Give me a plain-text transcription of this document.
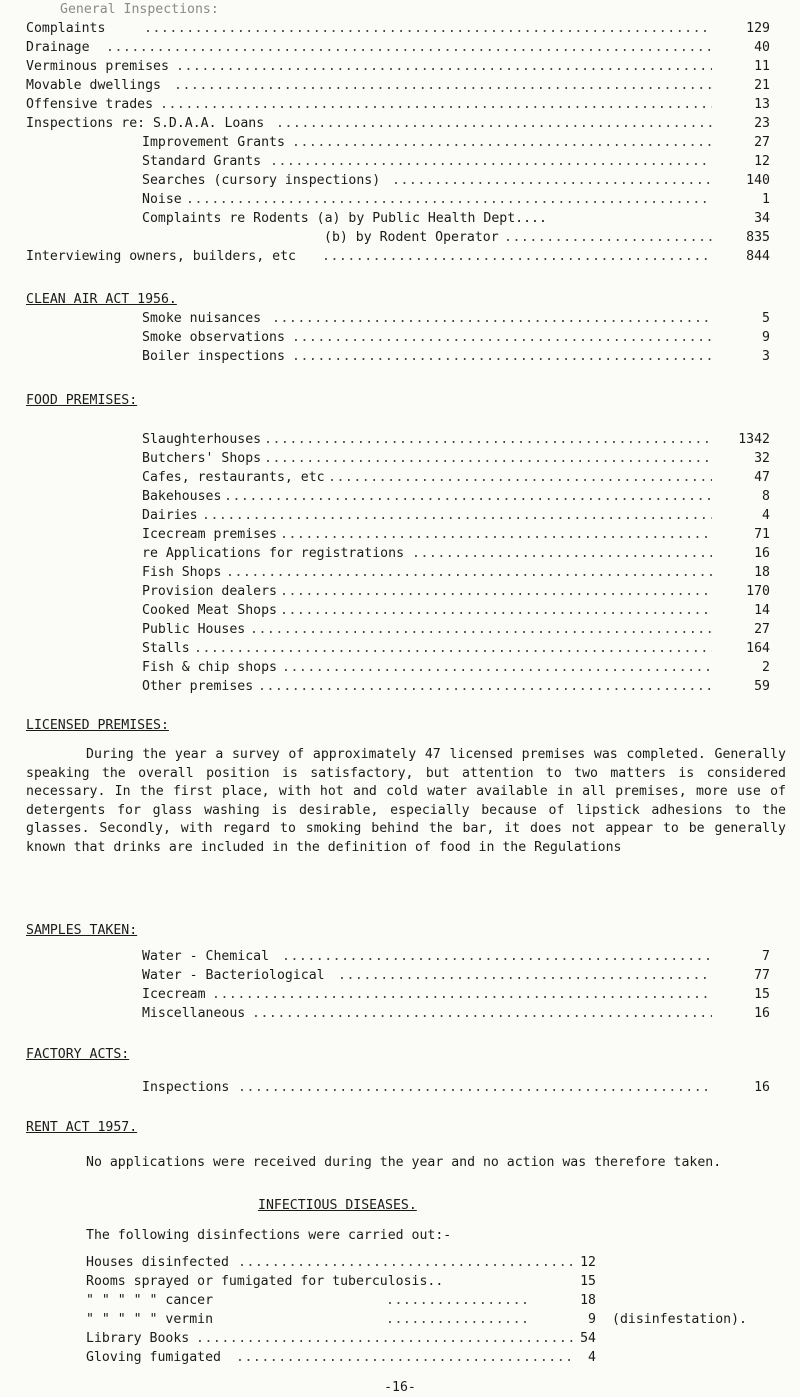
General Inspections:
Complaints .....	129
Drainage .....	40
Verminous premises .....	11
Movable dwellings .....	21
Offensive trades .....	13
Inspections re: S.D.A.A. Loans .....	23
Improvement Grants .....	27
Standard Grants .....	12
Searches (cursory inspections) .....	140
Noise .....	1
Complaints re Rodents (a) by Public Health Dept....	34
(b) by Rodent Operator .....	835
Interviewing owners, builders, etc .....	844
CLEAN AIR ACT 1956.
Smoke nuisances .....	5
Smoke observations .....	9
Boiler inspections .....	3
FOOD PREMISES:
Slaughterhouses .....	1342
Butchers' Shops .....	32
Cafes, restaurants, etc .....	47
Bakehouses .....	8
Dairies .....	4
Icecream premises .....	71
re Applications for registrations .....	16
Fish Shops .....	18
Provision dealers .....	170
Cooked Meat Shops .....	14
Public Houses .....	27
Stalls .....	164
Fish & chip shops .....	2
Other premises .....	59
LICENSED PREMISES:

During the year a survey of approximately 47 licensed premises was completed. Generally speaking the overall position is satisfactory, but attention to two matters is considered necessary. In the first place, with hot and cold water available in all premises, more use of detergents for glass washing is desirable, especially because of lipstick adhesions to the glasses. Secondly, with regard to smoking behind the bar, it does not appear to be generally known that drinks are included in the definition of food in the Regulations

SAMPLES TAKEN:
Water - Chemical .....	7
Water - Bacteriological .....	77
Icecream .....	15
Miscellaneous .....	16
FACTORY ACTS:
Inspections .....	16
RENT ACT 1957.

No applications were received during the year and no action was therefore taken.

INFECTIOUS DISEASES.
The following disinfections were carried out:-
Houses disinfected .....	12
Rooms sprayed or fumigated for tuberculosis..	15
" " " " " cancer .....	18
" " " " " vermin .....	9 (disinfestation).
Library Books .....	54
Gloving fumigated .....	4
-16-
